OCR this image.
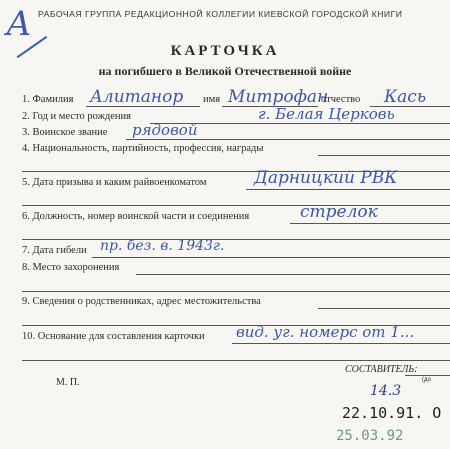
А РАБОЧАЯ ГРУППА РЕДАКЦИОННОЙ КОЛЛЕГИИ КИЕВСКОЙ ГОРОДСКОЙ КНИГИ
КАРТОЧКА
на погибшего в Великой Отечественной войне
1. Фамилия Алитанор имя Митрофан
отчество Кась
2. Год и место рождения	г. Белая Церковь
3. Воинское звание рядовой
4. Национальность, партийность, профессия, награды
5. Дата призыва и каким райвоенкоматом	Дарницкий РВК
6. Должность, номер воинской части и соединения	стрелок
7. Дата гибели пр. без. в. 1943г.
8. Место захоронения
9. Сведения о родственниках, адрес местожительства
10. Основание для составления карточки вид. уг. номерс от 1...
СОСТАВИТЕЛЬ:
(до
М. П.
14.3
22.10.91. О
25.03.92
